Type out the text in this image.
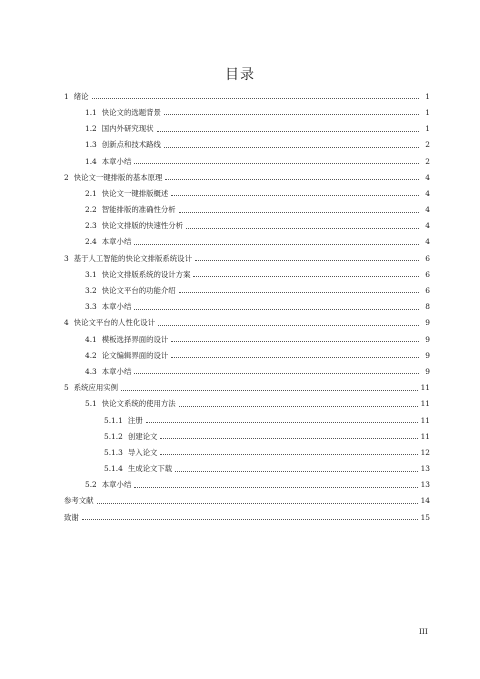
目录
1 绪论	1
1.1 快论文的选题背景	1
1.2 国内外研究现状	1
1.3 创新点和技术路线	2
1.4 本章小结	2
2 快论文一键排版的基本原理	4
2.1 快论文一键排版概述	4
2.2 智能排版的准确性分析	4
2.3 快论文排版的快速性分析	4
2.4 本章小结	4
3 基于人工智能的快论文排版系统设计	6
3.1 快论文排版系统的设计方案	6
3.2 快论文平台的功能介绍	6
3.3 本章小结	8
4 快论文平台的人性化设计	9
4.1 模板选择界面的设计	9
4.2 论文编辑界面的设计	9
4.3 本章小结	9
5 系统应用实例	11
5.1 快论文系统的使用方法	11
5.1.1 注册	11
5.1.2 创建论文	11
5.1.3 导入论文	12
5.1.4 生成论文下载	13
5.2 本章小结	13
参考文献	14
致谢	15
III
